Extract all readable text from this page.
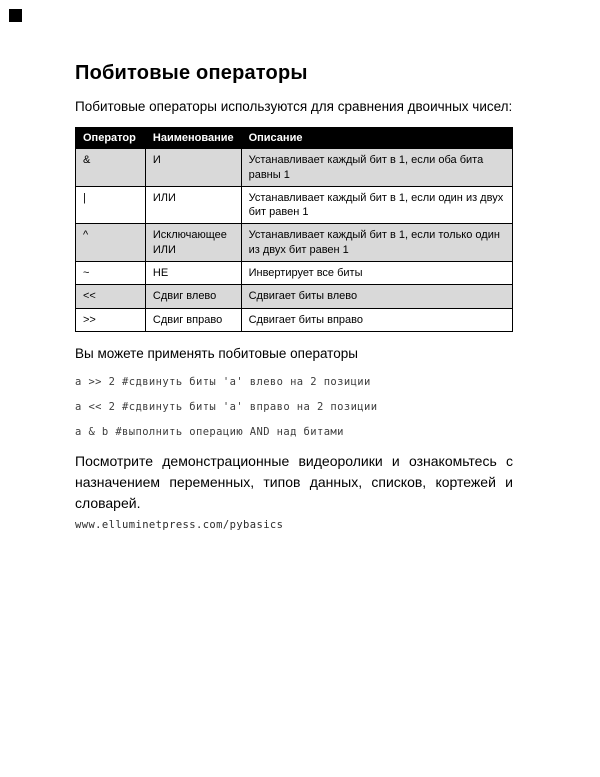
Побитовые операторы

Побитовые операторы используются для сравнения двоичных чисел:

Оператор	Наименование	Описание
&	И	Устанавливает каждый бит в 1, если оба бита равны 1
|	ИЛИ	Устанавливает каждый бит в 1, если один из двух бит равен 1
^	Исключающее ИЛИ	Устанавливает каждый бит в 1, если только один из двух бит равен 1
~	НЕ	Инвертирует все биты
<<	Сдвиг влево	Сдвигает биты влево
>>	Сдвиг вправо	Сдвигает биты вправо

Вы можете применять побитовые операторы

a >> 2 #сдвинуть биты 'a' влево на 2 позиции
a << 2 #сдвинуть биты 'a' вправо на 2 позиции
a & b #выполнить операцию AND над битами

Посмотрите демонстрационные видеоролики и ознакомьтесь с назначением переменных, типов данных, списков, кортежей и словарей.

www.elluminetpress.com/pybasics
